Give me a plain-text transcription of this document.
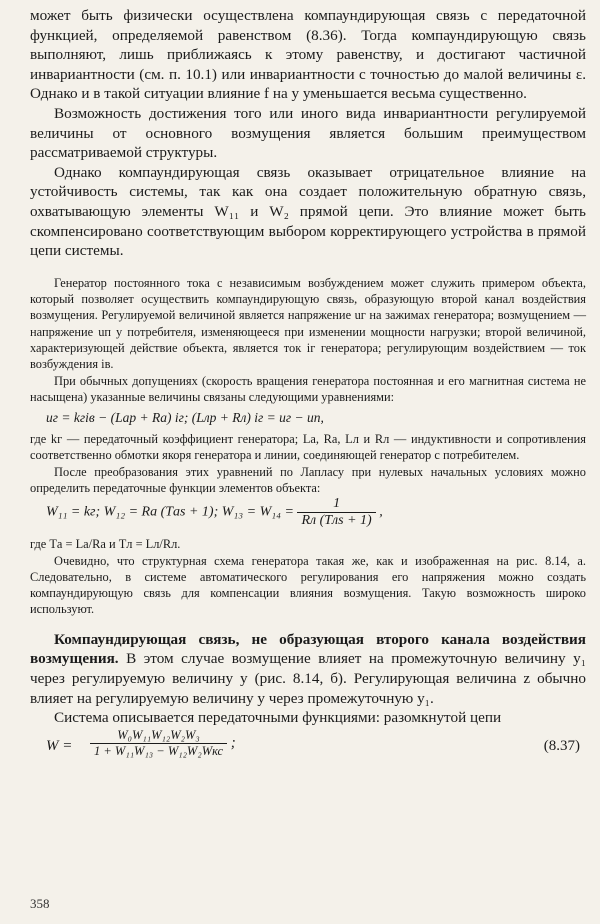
может быть физически осуществлена компаундирующая связь с передаточной функцией, определяемой равенством (8.36). Тогда компаундирующую связь выполняют, лишь приближаясь к этому равенству, и достигают частичной инвариантности (см. п. 10.1) или инвариантности с точностью до малой величины ε. Однако и в такой ситуации влияние f на y уменьшается весьма существенно.

Возможность достижения того или иного вида инвариантности регулируемой величины от основного возмущения является большим преимуществом рассматриваемой структуры.

Однако компаундирующая связь оказывает отрицательное влияние на устойчивость системы, так как она создает положительную обратную связь, охватывающую элементы W₁₁ и W₂ прямой цепи. Это влияние может быть скомпенсировано соответствующим выбором корректирующего устройства в прямой цепи системы.

Генератор постоянного тока с независимым возбуждением может служить примером объекта, который позволяет осуществить компаундирующую связь, образующую второй канал воздействия возмущения. Регулируемой величиной является напряжение uг на зажимах генератора; возмущением — напряжение uп у потребителя, изменяющееся при изменении мощности нагрузки; второй величиной, характеризующей действие объекта, является ток iг генератора; регулирующим воздействием — ток возбуждения iв.

При обычных допущениях (скорость вращения генератора постоянная и его магнитная система не насыщена) указанные величины связаны следующими уравнениями:

uг = kгiв − (Lаp + Rа) iг; (Lлp + Rл) iг = uг − uп,

где kг — передаточный коэффициент генератора; Lа, Rа, Lл и Rл — индуктивности и сопротивления соответственно обмотки якоря генератора и линии, соединяющей генератор с потребителем.

После преобразования этих уравнений по Лапласу при нулевых начальных условиях можно определить передаточные функции элементов объекта:

W₁₁ = kг; W₁₂ = Rа (Tаs + 1); $W_{13} = W_{14} = \frac{1}{\text{Rл (Tлs + 1)}}$ ,

где Tа = Lа/Rа и Tл = Lл/Rл.

Очевидно, что структурная схема генератора такая же, как и изображенная на рис. 8.14, а. Следовательно, в системе автоматического регулирования его напряжения можно создать компаундирующую связь для компенсации влияния возмущения. Такую возможность широко используют.

Компаундирующая связь, не образующая второго канала воздействия возмущения. В этом случае возмущение влияет на промежуточную величину y₁ через регулируемую величину y (рис. 8.14, б). Регулирующая величина z обычно влияет на регулируемую величину y через промежуточную y₁.

Система описывается передаточными функциями: разомкнутой цепи

$W = \frac{\text{W₀W₁₁W₁₂W₂W₃}}{\text{1 + W₁₁W₁₃ − W₁₂W₂Wкс}}$ ;	(8.37)
358
